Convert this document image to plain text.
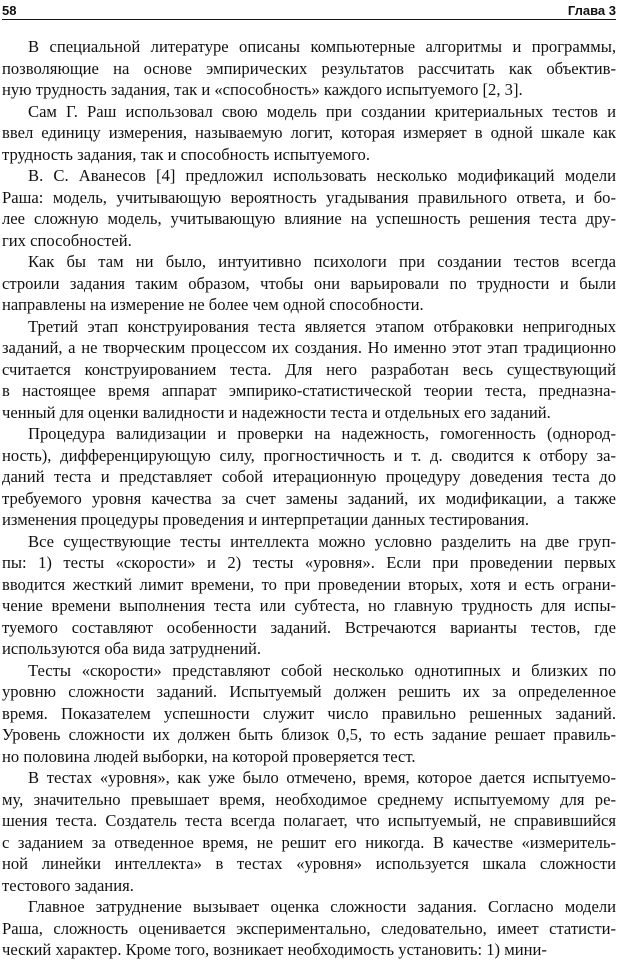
58	Глава 3

В специальной литературе описаны компьютерные алгоритмы и программы,
позволяющие на основе эмпирических результатов рассчитать как объектив-
ную трудность задания, так и «способность» каждого испытуемого [2, 3].

Сам Г. Раш использовал свою модель при создании критериальных тестов и
ввел единицу измерения, называемую логит, которая измеряет в одной шкале как
трудность задания, так и способность испытуемого.

В. С. Аванесов [4] предложил использовать несколько модификаций модели
Раша: модель, учитывающую вероятность угадывания правильного ответа, и бо-
лее сложную модель, учитывающую влияние на успешность решения теста дру-
гих способностей.

Как бы там ни было, интуитивно психологи при создании тестов всегда
строили задания таким образом, чтобы они варьировали по трудности и были
направлены на измерение не более чем одной способности.

Третий этап конструирования теста является этапом отбраковки непригодных
заданий, а не творческим процессом их создания. Но именно этот этап традиционно
считается конструированием теста. Для него разработан весь существующий
в настоящее время аппарат эмпирико-статистической теории теста, предназна-
ченный для оценки валидности и надежности теста и отдельных его заданий.

Процедура валидизации и проверки на надежность, гомогенность (однород-
ность), дифференцирующую силу, прогностичность и т. д. сводится к отбору за-
даний теста и представляет собой итерационную процедуру доведения теста до
требуемого уровня качества за счет замены заданий, их модификации, а также
изменения процедуры проведения и интерпретации данных тестирования.

Все существующие тесты интеллекта можно условно разделить на две груп-
пы: 1) тесты «скорости» и 2) тесты «уровня». Если при проведении первых
вводится жесткий лимит времени, то при проведении вторых, хотя и есть ограни-
чение времени выполнения теста или субтеста, но главную трудность для испы-
туемого составляют особенности заданий. Встречаются варианты тестов, где
используются оба вида затруднений.

Тесты «скорости» представляют собой несколько однотипных и близких по
уровню сложности заданий. Испытуемый должен решить их за определенное
время. Показателем успешности служит число правильно решенных заданий.
Уровень сложности их должен быть близок 0,5, то есть задание решает правиль-
но половина людей выборки, на которой проверяется тест.

В тестах «уровня», как уже было отмечено, время, которое дается испытуемо-
му, значительно превышает время, необходимое среднему испытуемому для ре-
шения теста. Создатель теста всегда полагает, что испытуемый, не справившийся
с заданием за отведенное время, не решит его никогда. В качестве «измеритель-
ной линейки интеллекта» в тестах «уровня» используется шкала сложности
тестового задания.

Главное затруднение вызывает оценка сложности задания. Согласно модели
Раша, сложность оценивается экспериментально, следовательно, имеет статисти-
ческий характер. Кроме того, возникает необходимость установить: 1) мини-
